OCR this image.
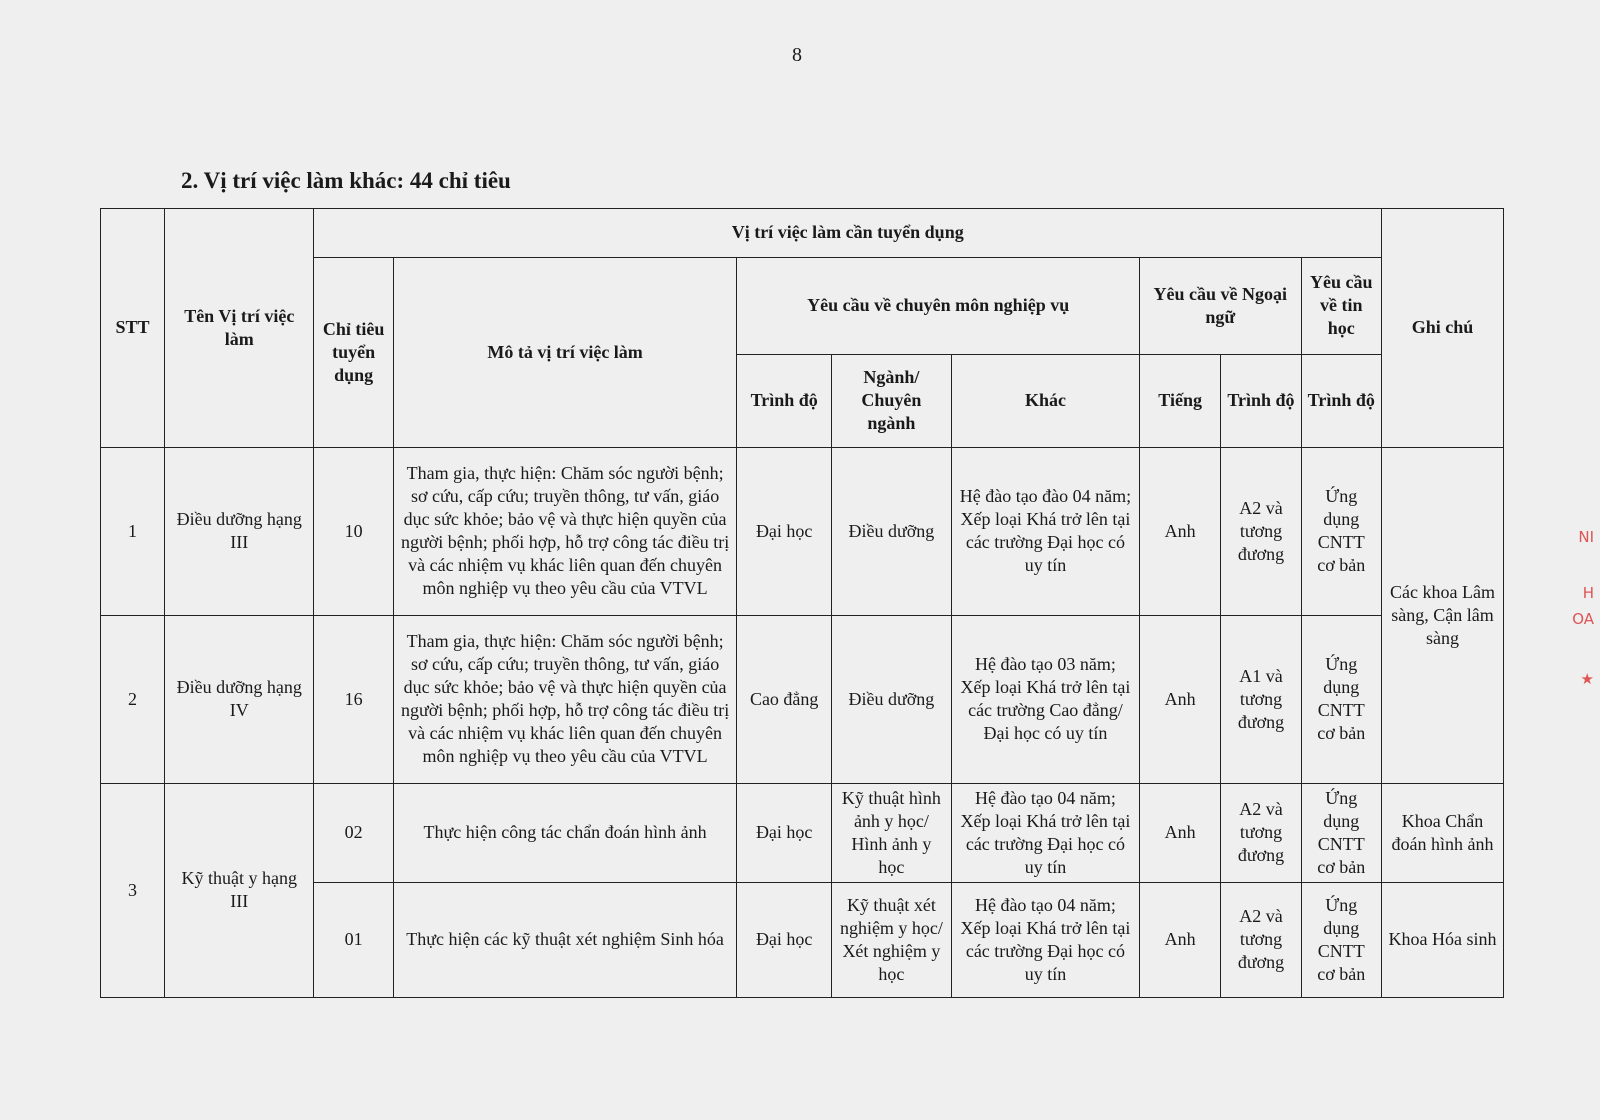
8
2. Vị trí việc làm khác: 44 chỉ tiêu
STT	Tên Vị trí việc làm	Vị trí việc làm cần tuyển dụng								Ghi chú
		Chỉ tiêu tuyển dụng	Mô tả vị trí việc làm	Yêu cầu về chuyên môn nghiệp vụ			Yêu cầu về Ngoại ngữ		Yêu cầu về tin học	
				Trình độ	Ngành/ Chuyên ngành	Khác	Tiếng	Trình độ	Trình độ	
1	Điều dưỡng hạng III	10	Tham gia, thực hiện: Chăm sóc người bệnh; sơ cứu, cấp cứu; truyền thông, tư vấn, giáo dục sức khỏe; bảo vệ và thực hiện quyền của người bệnh; phối hợp, hỗ trợ công tác điều trị và các nhiệm vụ khác liên quan đến chuyên môn nghiệp vụ theo yêu cầu của VTVL	Đại học	Điều dưỡng	Hệ đào tạo đào 04 năm; Xếp loại Khá trở lên tại các trường Đại học có uy tín	Anh	A2 và tương đương	Ứng dụng CNTT cơ bản	Các khoa Lâm sàng, Cận lâm sàng
2	Điều dưỡng hạng IV	16	Tham gia, thực hiện: Chăm sóc người bệnh; sơ cứu, cấp cứu; truyền thông, tư vấn, giáo dục sức khỏe; bảo vệ và thực hiện quyền của người bệnh; phối hợp, hỗ trợ công tác điều trị và các nhiệm vụ khác liên quan đến chuyên môn nghiệp vụ theo yêu cầu của VTVL	Cao đẳng	Điều dưỡng	Hệ đào tạo 03 năm; Xếp loại Khá trở lên tại các trường Cao đẳng/Đại học có uy tín	Anh	A1 và tương đương	Ứng dụng CNTT cơ bản	
3	Kỹ thuật y hạng III	02	Thực hiện công tác chẩn đoán hình ảnh	Đại học	Kỹ thuật hình ảnh y học/ Hình ảnh y học	Hệ đào tạo 04 năm; Xếp loại Khá trở lên tại các trường Đại học có uy tín	Anh	A2 và tương đương	Ứng dụng CNTT cơ bản	Khoa Chẩn đoán hình ảnh
		01	Thực hiện các kỹ thuật xét nghiệm Sinh hóa	Đại học	Kỹ thuật xét nghiệm y học/ Xét nghiệm y học	Hệ đào tạo 04 năm; Xếp loại Khá trở lên tại các trường Đại học có uy tín	Anh	A2 và tương đương	Ứng dụng CNTT cơ bản	Khoa Hóa sinh
NI
H
OA
★
